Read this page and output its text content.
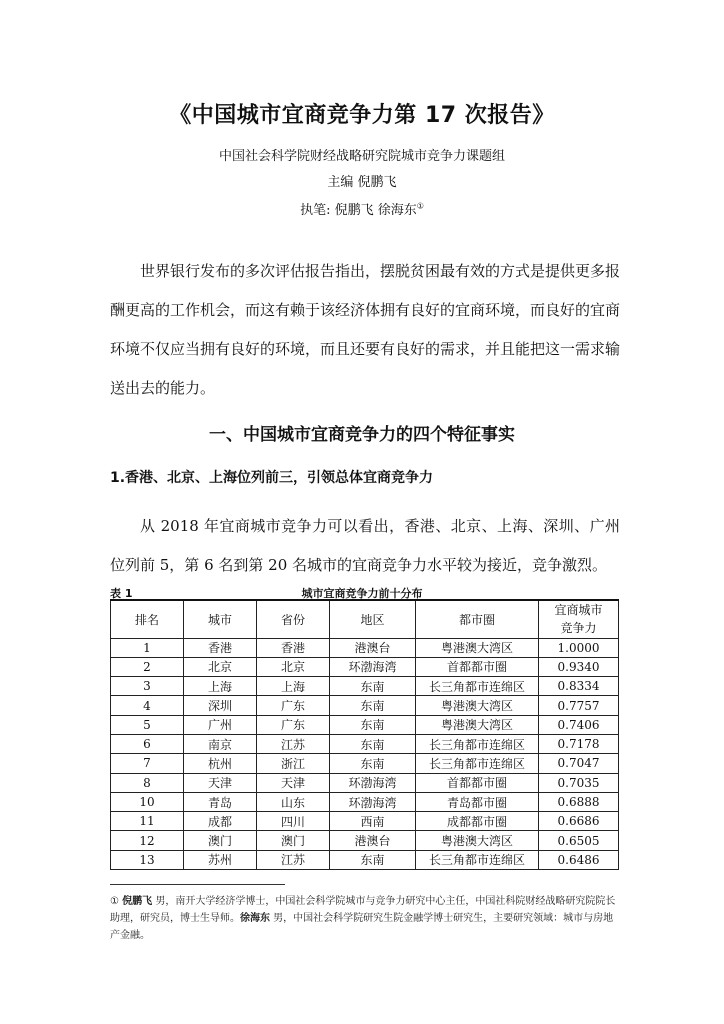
《中国城市宜商竞争力第 17 次报告》
中国社会科学院财经战略研究院城市竞争力课题组
主编 倪鹏飞
执笔: 倪鹏飞 徐海东①

世界银行发布的多次评估报告指出，摆脱贫困最有效的方式是提供更多报酬更高的工作机会，而这有赖于该经济体拥有良好的宜商环境，而良好的宜商环境不仅应当拥有良好的环境，而且还要有良好的需求，并且能把这一需求输送出去的能力。

一、中国城市宜商竞争力的四个特征事实
1.香港、北京、上海位列前三，引领总体宜商竞争力

从 2018 年宜商城市竞争力可以看出，香港、北京、上海、深圳、广州位列前 5，第 6 名到第 20 名城市的宜商竞争力水平较为接近，竞争激烈。

表 1	城市宜商竞争力前十分布
排名	城市	省份	地区	都市圈	宜商城市
竞争力
1	香港	香港	港澳台	粤港澳大湾区	1.0000
2	北京	北京	环渤海湾	首都都市圈	0.9340
3	上海	上海	东南	长三角都市连绵区	0.8334
4	深圳	广东	东南	粤港澳大湾区	0.7757
5	广州	广东	东南	粤港澳大湾区	0.7406
6	南京	江苏	东南	长三角都市连绵区	0.7178
7	杭州	浙江	东南	长三角都市连绵区	0.7047
8	天津	天津	环渤海湾	首都都市圈	0.7035
10	青岛	山东	环渤海湾	青岛都市圈	0.6888
11	成都	四川	西南	成都都市圈	0.6686
12	澳门	澳门	港澳台	粤港澳大湾区	0.6505
13	苏州	江苏	东南	长三角都市连绵区	0.6486
① 倪鹏飞 男，南开大学经济学博士，中国社会科学院城市与竞争力研究中心主任，中国社科院财经战略研究院院长助理，研究员，博士生导师。徐海东 男，中国社会科学院研究生院金融学博士研究生，主要研究领域：城市与房地产金融。
